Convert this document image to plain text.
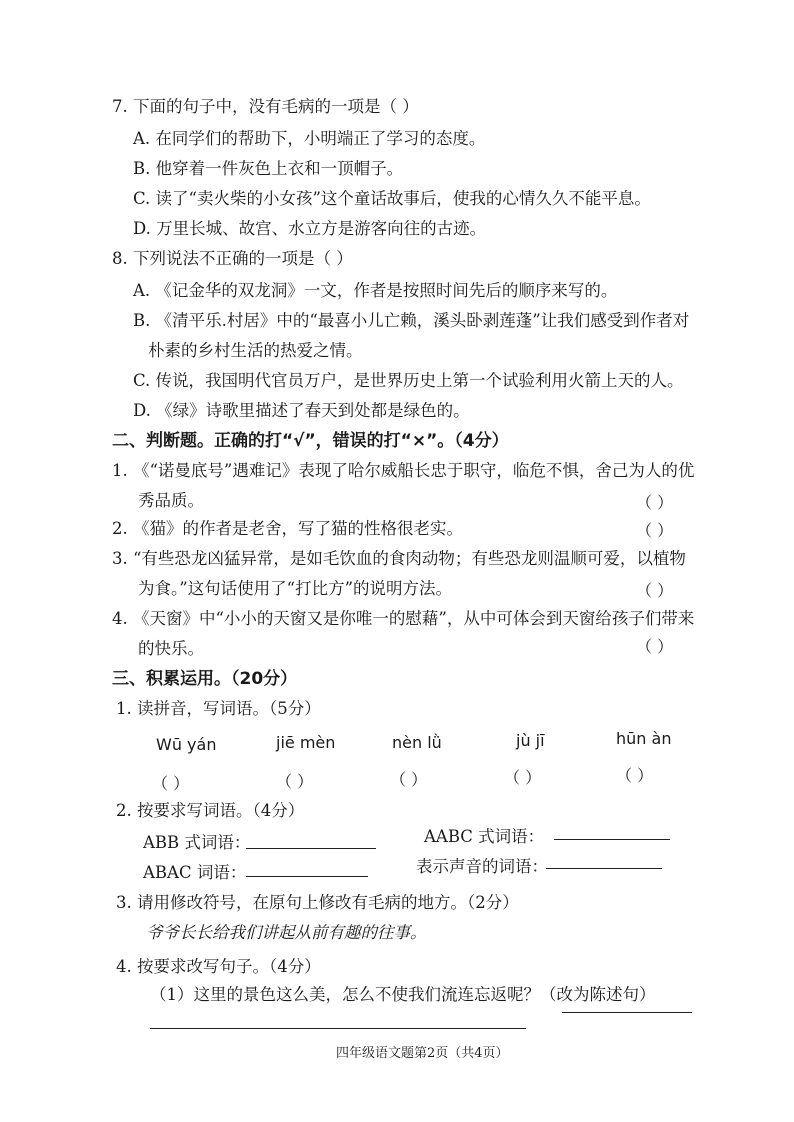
7. 下面的句子中，没有毛病的一项是（ ）
A. 在同学们的帮助下，小明端正了学习的态度。
B. 他穿着一件灰色上衣和一顶帽子。
C. 读了“卖火柴的小女孩”这个童话故事后，使我的心情久久不能平息。
D. 万里长城、故宫、水立方是游客向往的古迹。
8. 下列说法不正确的一项是（ ）
A. 《记金华的双龙洞》一文，作者是按照时间先后的顺序来写的。
B. 《清平乐.村居》中的“最喜小儿亡赖，溪头卧剥莲蓬”让我们感受到作者对
朴素的乡村生活的热爱之情。
C. 传说，我国明代官员万户，是世界历史上第一个试验利用火箭上天的人。
D. 《绿》诗歌里描述了春天到处都是绿色的。
二、判断题。正确的打“√”，错误的打“×”。（4分）
1. 《“诺曼底号”遇难记》表现了哈尔威船长忠于职守，临危不惧，舍己为人的优
秀品质。	（ ）
2. 《猫》的作者是老舍，写了猫的性格很老实。	（ ）
3. “有些恐龙凶猛异常，是如毛饮血的食肉动物；有些恐龙则温顺可爱，以植物
为食。”这句话使用了“打比方”的说明方法。	（ ）
4. 《天窗》中“小小的天窗又是你唯一的慰藉”，从中可体会到天窗给孩子们带来
的快乐。	（ ）
三、积累运用。（20分）
1. 读拼音，写词语。（5分）
Wū yán	jiē mèn	nèn lǜ	jù jī	hūn àn
（ ）	（ ）	（ ）	（ ）	（ ）
2. 按要求写词语。（4分）
ABB 式词语：	AABC 式词语：
ABAC 词语：	表示声音的词语：
3. 请用修改符号，在原句上修改有毛病的地方。（2分）
爷爷长长给我们讲起从前有趣的往事。
4. 按要求改写句子。（4分）
（1）这里的景色这么美，怎么不使我们流连忘返呢？（改为陈述句）
四年级语文题第2页（共4页）
